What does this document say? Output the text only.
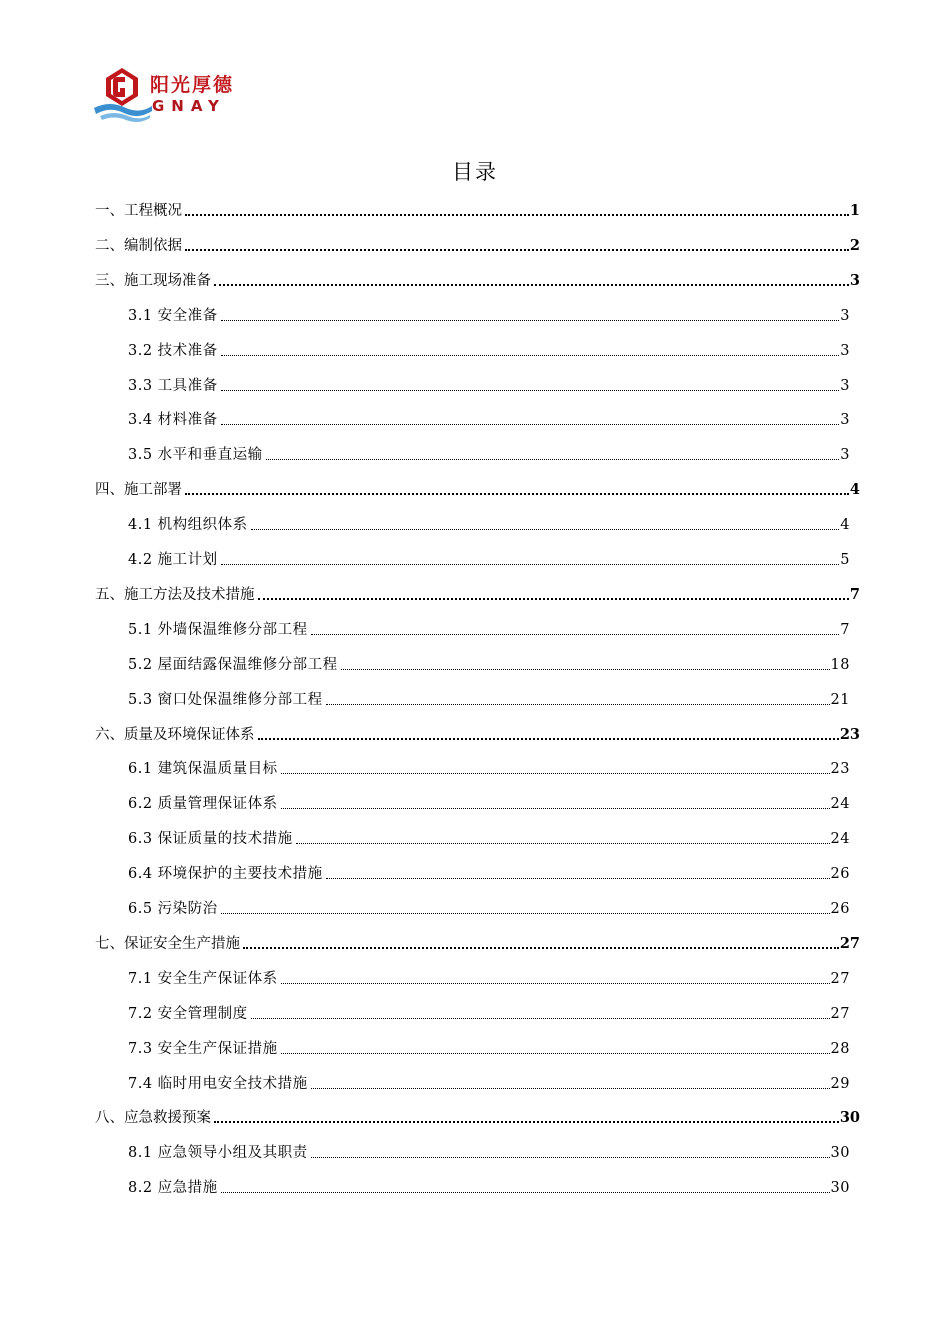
阳光厚德
GNAY
目录
一、工程概况	1
二、编制依据	2
三、施工现场准备	3
3.1 安全准备	3
3.2 技术准备	3
3.3 工具准备	3
3.4 材料准备	3
3.5 水平和垂直运输	3
四、施工部署	4
4.1 机构组织体系	4
4.2 施工计划	5
五、施工方法及技术措施	7
5.1 外墙保温维修分部工程	7
5.2 屋面结露保温维修分部工程	18
5.3 窗口处保温维修分部工程	21
六、质量及环境保证体系	23
6.1 建筑保温质量目标	23
6.2 质量管理保证体系	24
6.3 保证质量的技术措施	24
6.4 环境保护的主要技术措施	26
6.5 污染防治	26
七、保证安全生产措施	27
7.1 安全生产保证体系	27
7.2 安全管理制度	27
7.3 安全生产保证措施	28
7.4 临时用电安全技术措施	29
八、应急救援预案	30
8.1 应急领导小组及其职责	30
8.2 应急措施	30
